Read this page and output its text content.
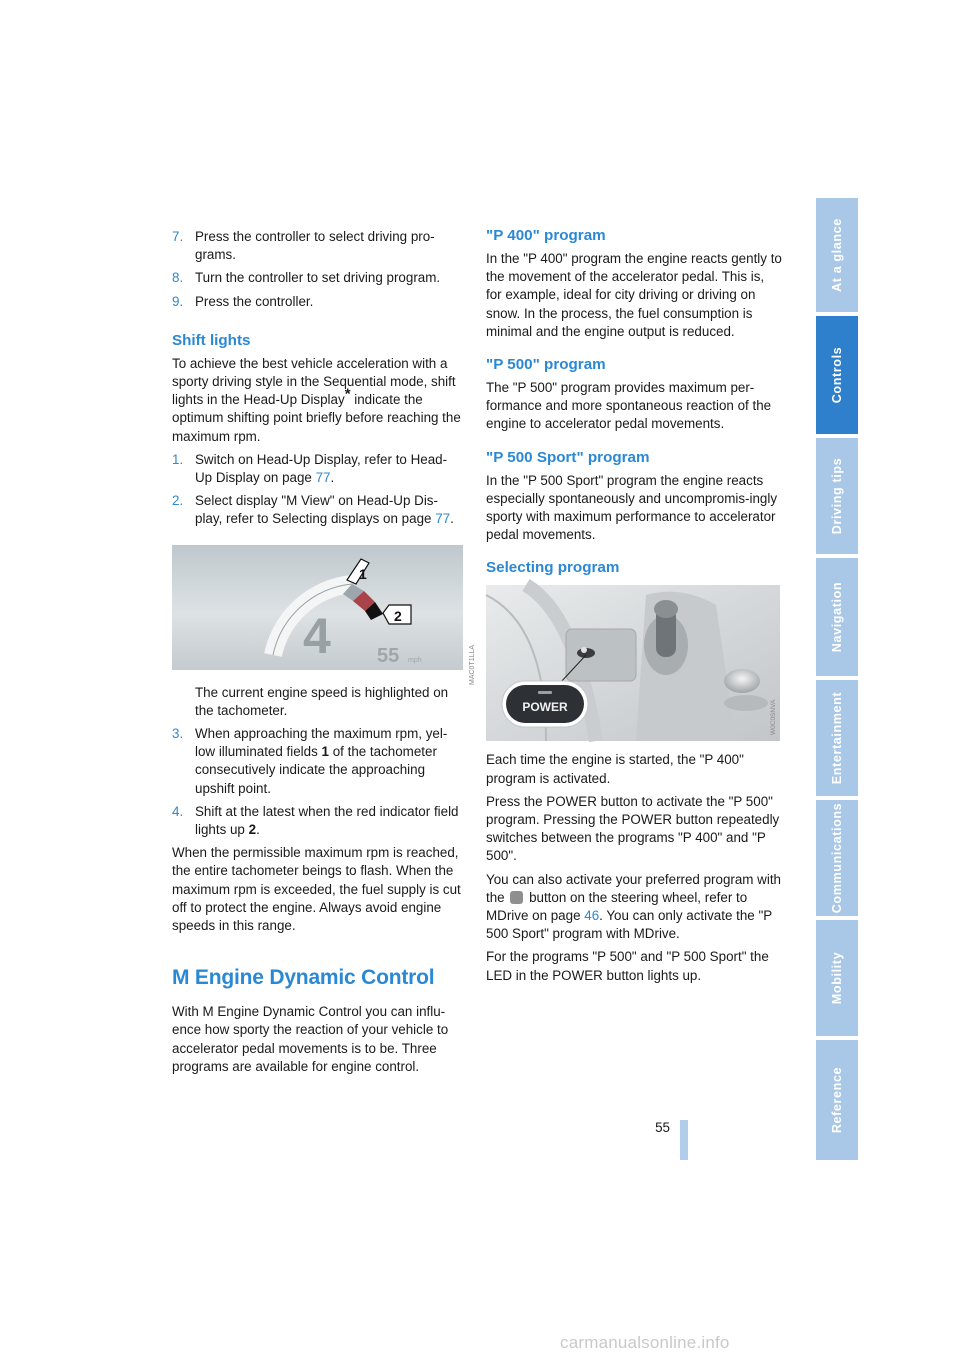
7. Press the controller to select driving pro-grams.
8. Turn the controller to set driving program.
9. Press the controller.
Shift lights

To achieve the best vehicle acceleration with a sporty driving style in the Sequential mode, shift lights in the Head-Up Display* indicate the optimum shifting point briefly before reaching the maximum rpm.

1. Switch on Head-Up Display, refer to Head-Up Display on page 77.
2. Select display "M View" on Head-Up Dis-play, refer to Selecting displays on page 77.
4 55 mph
1
2
MAC0T1LLA

The current engine speed is highlighted on the tachometer.

3. When approaching the maximum rpm, yel-low illuminated fields 1 of the tachometer consecutively indicate the approaching upshift point.
4. Shift at the latest when the red indicator field lights up 2.

When the permissible maximum rpm is reached, the entire tachometer beings to flash. When the maximum rpm is exceeded, the fuel supply is cut off to protect the engine. Always avoid engine speeds in this range.

M Engine Dynamic Control

With M Engine Dynamic Control you can influ-ence how sporty the reaction of your vehicle to accelerator pedal movements is to be. Three programs are available for engine control.

"P 400" program

In the "P 400" program the engine reacts gently to the movement of the accelerator pedal. This is, for example, ideal for city driving or driving on snow. In the process, the fuel consumption is minimal and the engine output is reduced.

"P 500" program

The "P 500" program provides maximum per-formance and more spontaneous reaction of the engine to accelerator pedal movements.

"P 500 Sport" program

In the "P 500 Sport" program the engine reacts especially spontaneously and uncompromis-ingly sporty with maximum performance to accelerator pedal movements.

Selecting program
POWER	W0C0SNVA

Each time the engine is started, the "P 400" program is activated.

Press the POWER button to activate the "P 500" program. Pressing the POWER button repeatedly switches between the programs "P 400" and "P 500".

You can also activate your preferred program with the  button on the steering wheel, refer to MDrive on page 46. You can only activate the "P 500 Sport" program with MDrive.

For the programs "P 500" and "P 500 Sport" the LED in the POWER button lights up.

At a glance
Controls
Driving tips
Navigation
Entertainment
Communications
Mobility
Reference
55
carmanualsonline.info
